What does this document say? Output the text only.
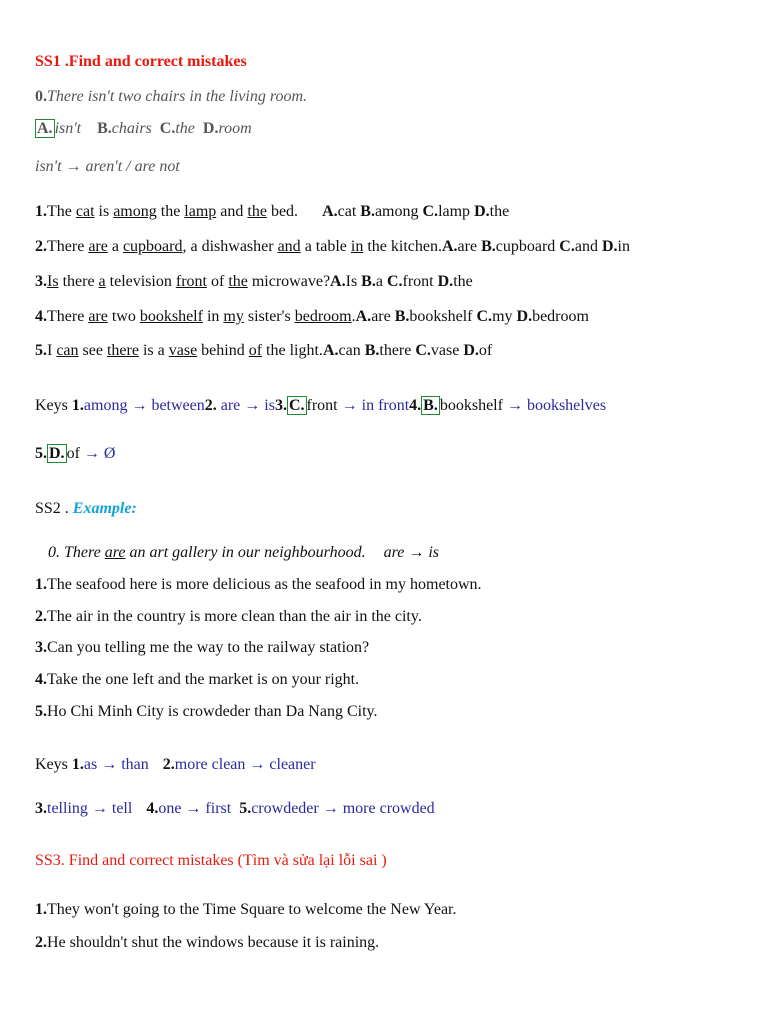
SS1 .Find and correct mistakes
0.There isn't two chairs in the living room.
A. isn't B.chairs C.the D.room
isn't → aren't / are not
1.The cat is among the lamp and the bed. A.cat B.among C.lamp D.the
2.There are a cupboard, a dishwasher and a table in the kitchen.A.are B.cupboard C.and D.in
3.Is there a television front of the microwave?A.Is B.a C.front D.the
4.There are two bookshelf in my sister's bedroom.A.are B.bookshelf C.my D.bedroom
5.I can see there is a vase behind of the light.A.can B.there C.vase D.of
Keys 1.among → between2. are → is3. C. front → in front4. B. bookshelf → bookshelves
5. D. of → Ø
SS2 . Example:
0. There are an art gallery in our neighbourhood. are → is
1.The seafood here is more delicious as the seafood in my hometown.
2.The air in the country is more clean than the air in the city.
3.Can you telling me the way to the railway station?
4.Take the one left and the market is on your right.
5.Ho Chi Minh City is crowdeder than Da Nang City.
Keys 1.as → than 2.more clean → cleaner
3.telling → tell 4.one → first 5.crowdeder → more crowded
SS3. Find and correct mistakes (Tìm và sửa lại lỗi sai )
1.They won't going to the Time Square to welcome the New Year.
2.He shouldn't shut the windows because it is raining.
